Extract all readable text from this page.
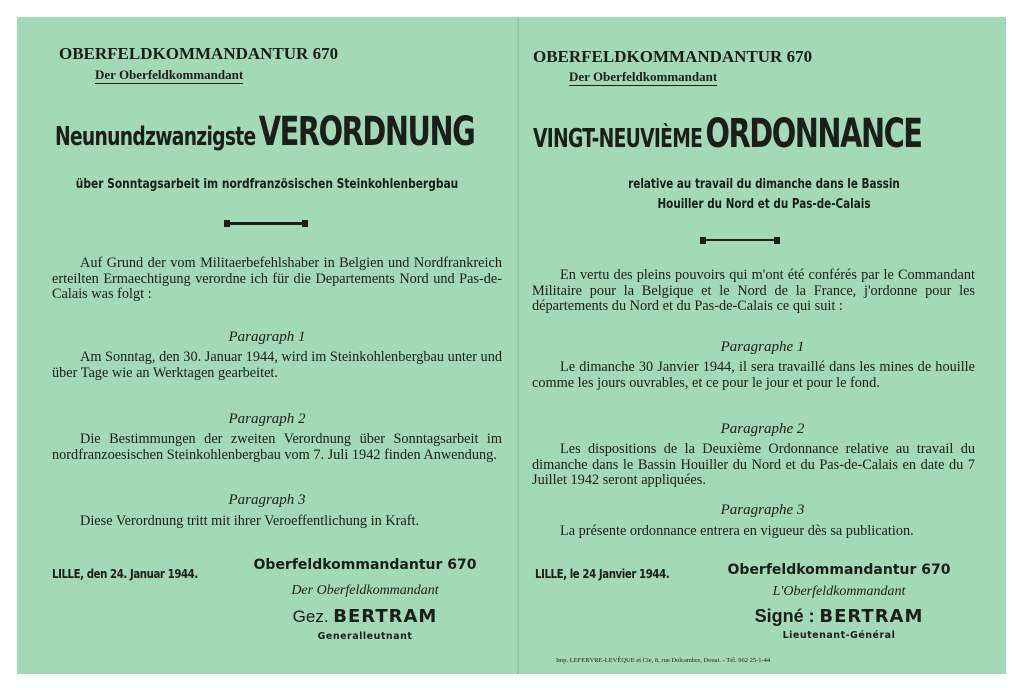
OBERFELDKOMMANDANTUR 670
Der Oberfeldkommandant
Neunundzwanzigste VERORDNUNG
über Sonntagsarbeit im nordfranzösischen Steinkohlenbergbau
Auf Grund der vom Militaerbefehlshaber in Belgien und Nordfrankreich erteilten Ermaechtigung verordne ich für die Departements Nord und Pas-de-Calais was folgt :
Paragraph 1
Am Sonntag, den 30. Januar 1944, wird im Steinkohlenbergbau unter und über Tage wie an Werktagen gearbeitet.
Paragraph 2
Die Bestimmungen der zweiten Verordnung über Sonntagsarbeit im nordfranzoesischen Steinkohlenbergbau vom 7. Juli 1942 finden Anwendung.
Paragraph 3
Diese Verordnung tritt mit ihrer Veroeffentlichung in Kraft.
LILLE, den 24. Januar 1944.
Oberfeldkommandantur 670
Der Oberfeldkommandant
Gez. BERTRAM
Generalleutnant
OBERFELDKOMMANDANTUR 670
Der Oberfeldkommandant
VINGT-NEUVIÈME ORDONNANCE
relative au travail du dimanche dans le Bassin Houiller du Nord et du Pas-de-Calais
En vertu des pleins pouvoirs qui m'ont été conférés par le Commandant Militaire pour la Belgique et le Nord de la France, j'ordonne pour les départements du Nord et du Pas-de-Calais ce qui suit :
Paragraphe 1
Le dimanche 30 Janvier 1944, il sera travaillé dans les mines de houille comme les jours ouvrables, et ce pour le jour et pour le fond.
Paragraphe 2
Les dispositions de la Deuxième Ordonnance relative au travail du dimanche dans le Bassin Houiller du Nord et du Pas-de-Calais en date du 7 Juillet 1942 seront appliquées.
Paragraphe 3
La présente ordonnance entrera en vigueur dès sa publication.
LILLE, le 24 Janvier 1944.	Oberfeldkommandantur 670
L'Oberfeldkommandant
Signé : BERTRAM
Lieutenant-Général
Imp. LEFEBVRE-LEVÊQUE et Cie, 8, rue Dolcambre, Douai. - Tél. 962 25-1-44
